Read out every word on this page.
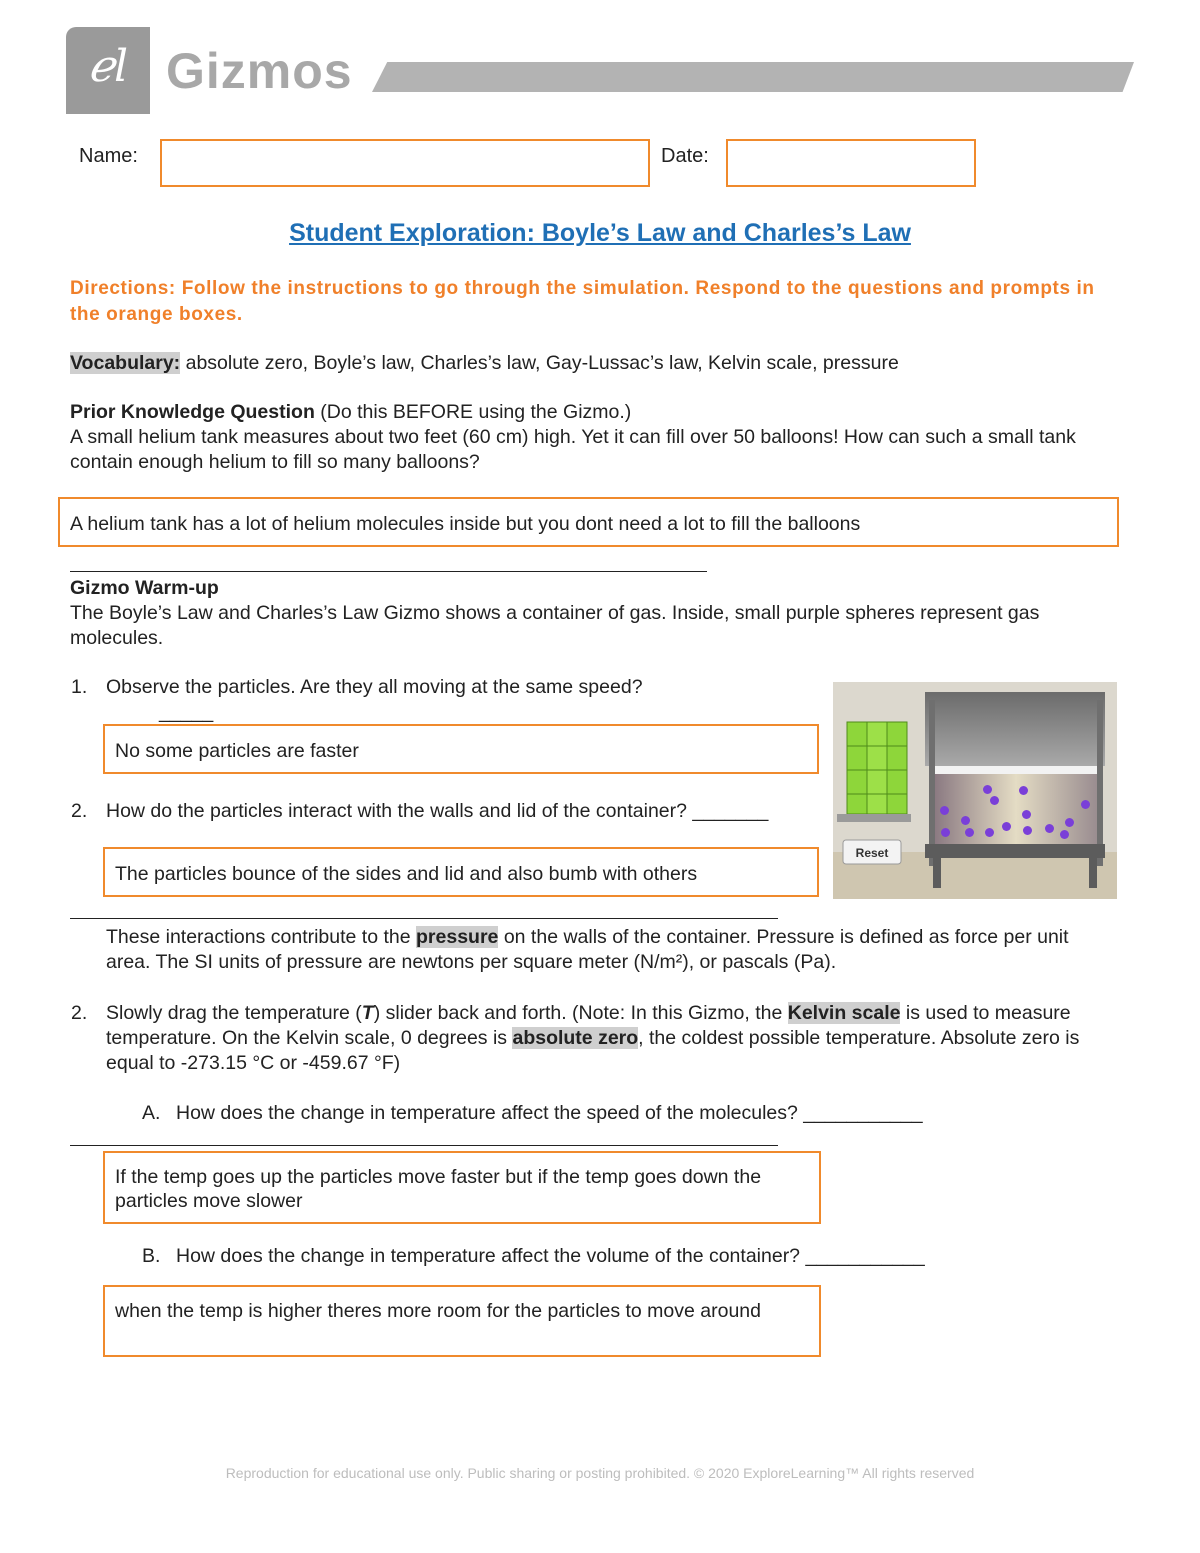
ℯl Gizmos
Name:	Date:
Student Exploration: Boyle’s Law and Charles’s Law
Directions: Follow the instructions to go through the simulation. Respond to the questions and prompts in the orange boxes.
Vocabulary: absolute zero, Boyle’s law, Charles’s law, Gay-Lussac’s law, Kelvin scale, pressure
Prior Knowledge Question (Do this BEFORE using the Gizmo.)
A small helium tank measures about two feet (60 cm) high. Yet it can fill over 50 balloons! How can such a small tank contain enough helium to fill so many balloons?
A helium tank has a lot of helium molecules inside but you dont need a lot to fill the balloons
Gizmo Warm-up
The Boyle’s Law and Charles’s Law Gizmo shows a container of gas. Inside, small purple spheres represent gas molecules.
1. Observe the particles. Are they all moving at the same speed?
_____
No some particles are faster
2. How do the particles interact with the walls and lid of the container? _______
The particles bounce of the sides and lid and also bumb with others
Reset
These interactions contribute to the pressure on the walls of the container. Pressure is defined as force per unit area. The SI units of pressure are newtons per square meter (N/m²), or pascals (Pa).
2. Slowly drag the temperature (T) slider back and forth. (Note: In this Gizmo, the Kelvin scale is used to measure temperature. On the Kelvin scale, 0 degrees is absolute zero, the coldest possible temperature. Absolute zero is equal to -273.15 °C or -459.67 °F)
A. How does the change in temperature affect the speed of the molecules? ___________
If the temp goes up the particles move faster but if the temp goes down the particles move slower
B. How does the change in temperature affect the volume of the container? ___________
when the temp is higher theres more room for the particles to move around
Reproduction for educational use only. Public sharing or posting prohibited. © 2020 ExploreLearning™ All rights reserved
